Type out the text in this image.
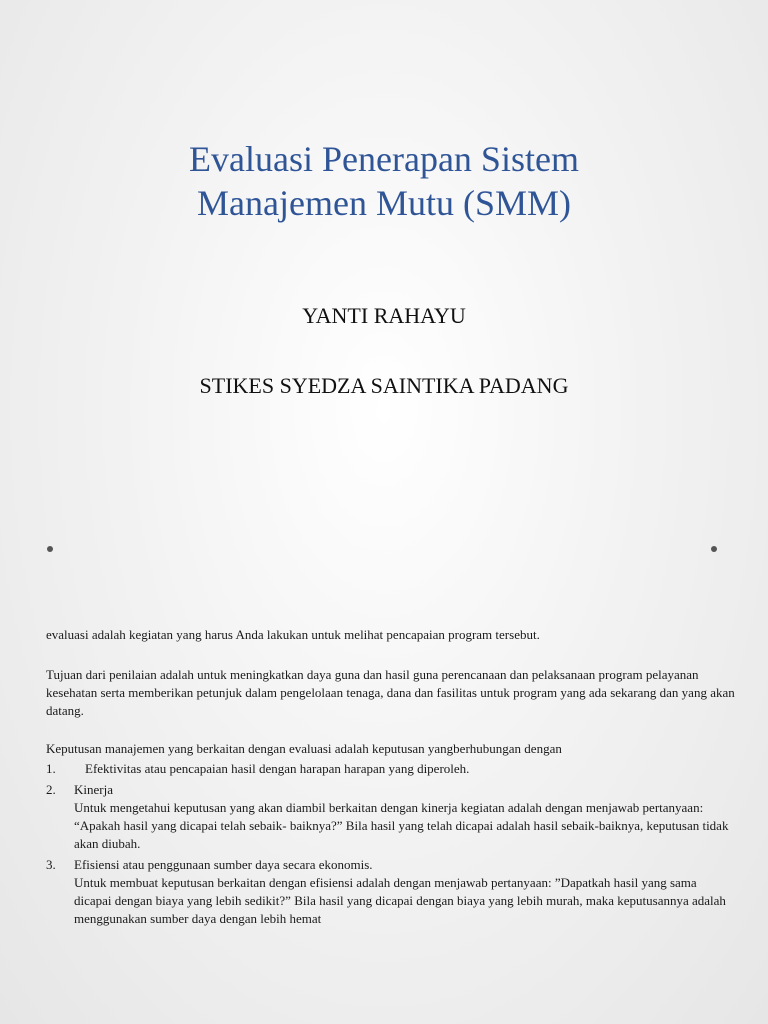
Evaluasi Penerapan Sistem
Manajemen Mutu (SMM)

YANTI RAHAYU

STIKES SYEDZA SAINTIKA PADANG

evaluasi adalah kegiatan yang harus Anda lakukan untuk melihat pencapaian program tersebut.

Tujuan dari penilaian adalah untuk meningkatkan daya guna dan hasil guna perencanaan dan pelaksanaan program pelayanan kesehatan serta memberikan petunjuk dalam pengelolaan tenaga, dana dan fasilitas untuk program yang ada sekarang dan yang akan datang.

Keputusan manajemen yang berkaitan dengan evaluasi adalah keputusan yangberhubungan dengan

1.	Efektivitas atau pencapaian hasil dengan harapan harapan yang diperoleh.
2.	Kinerja
Untuk mengetahui keputusan yang akan diambil berkaitan dengan kinerja kegiatan adalah dengan menjawab pertanyaan: “Apakah hasil yang dicapai telah sebaik- baiknya?” Bila hasil yang telah dicapai adalah hasil sebaik-baiknya, keputusan tidak akan diubah.
3.	Efisiensi atau penggunaan sumber daya secara ekonomis.
Untuk membuat keputusan berkaitan dengan efisiensi adalah dengan menjawab pertanyaan: ”Dapatkah hasil yang sama dicapai dengan biaya yang lebih sedikit?” Bila hasil yang dicapai dengan biaya yang lebih murah, maka keputusannya adalah menggunakan sumber daya dengan lebih hemat
